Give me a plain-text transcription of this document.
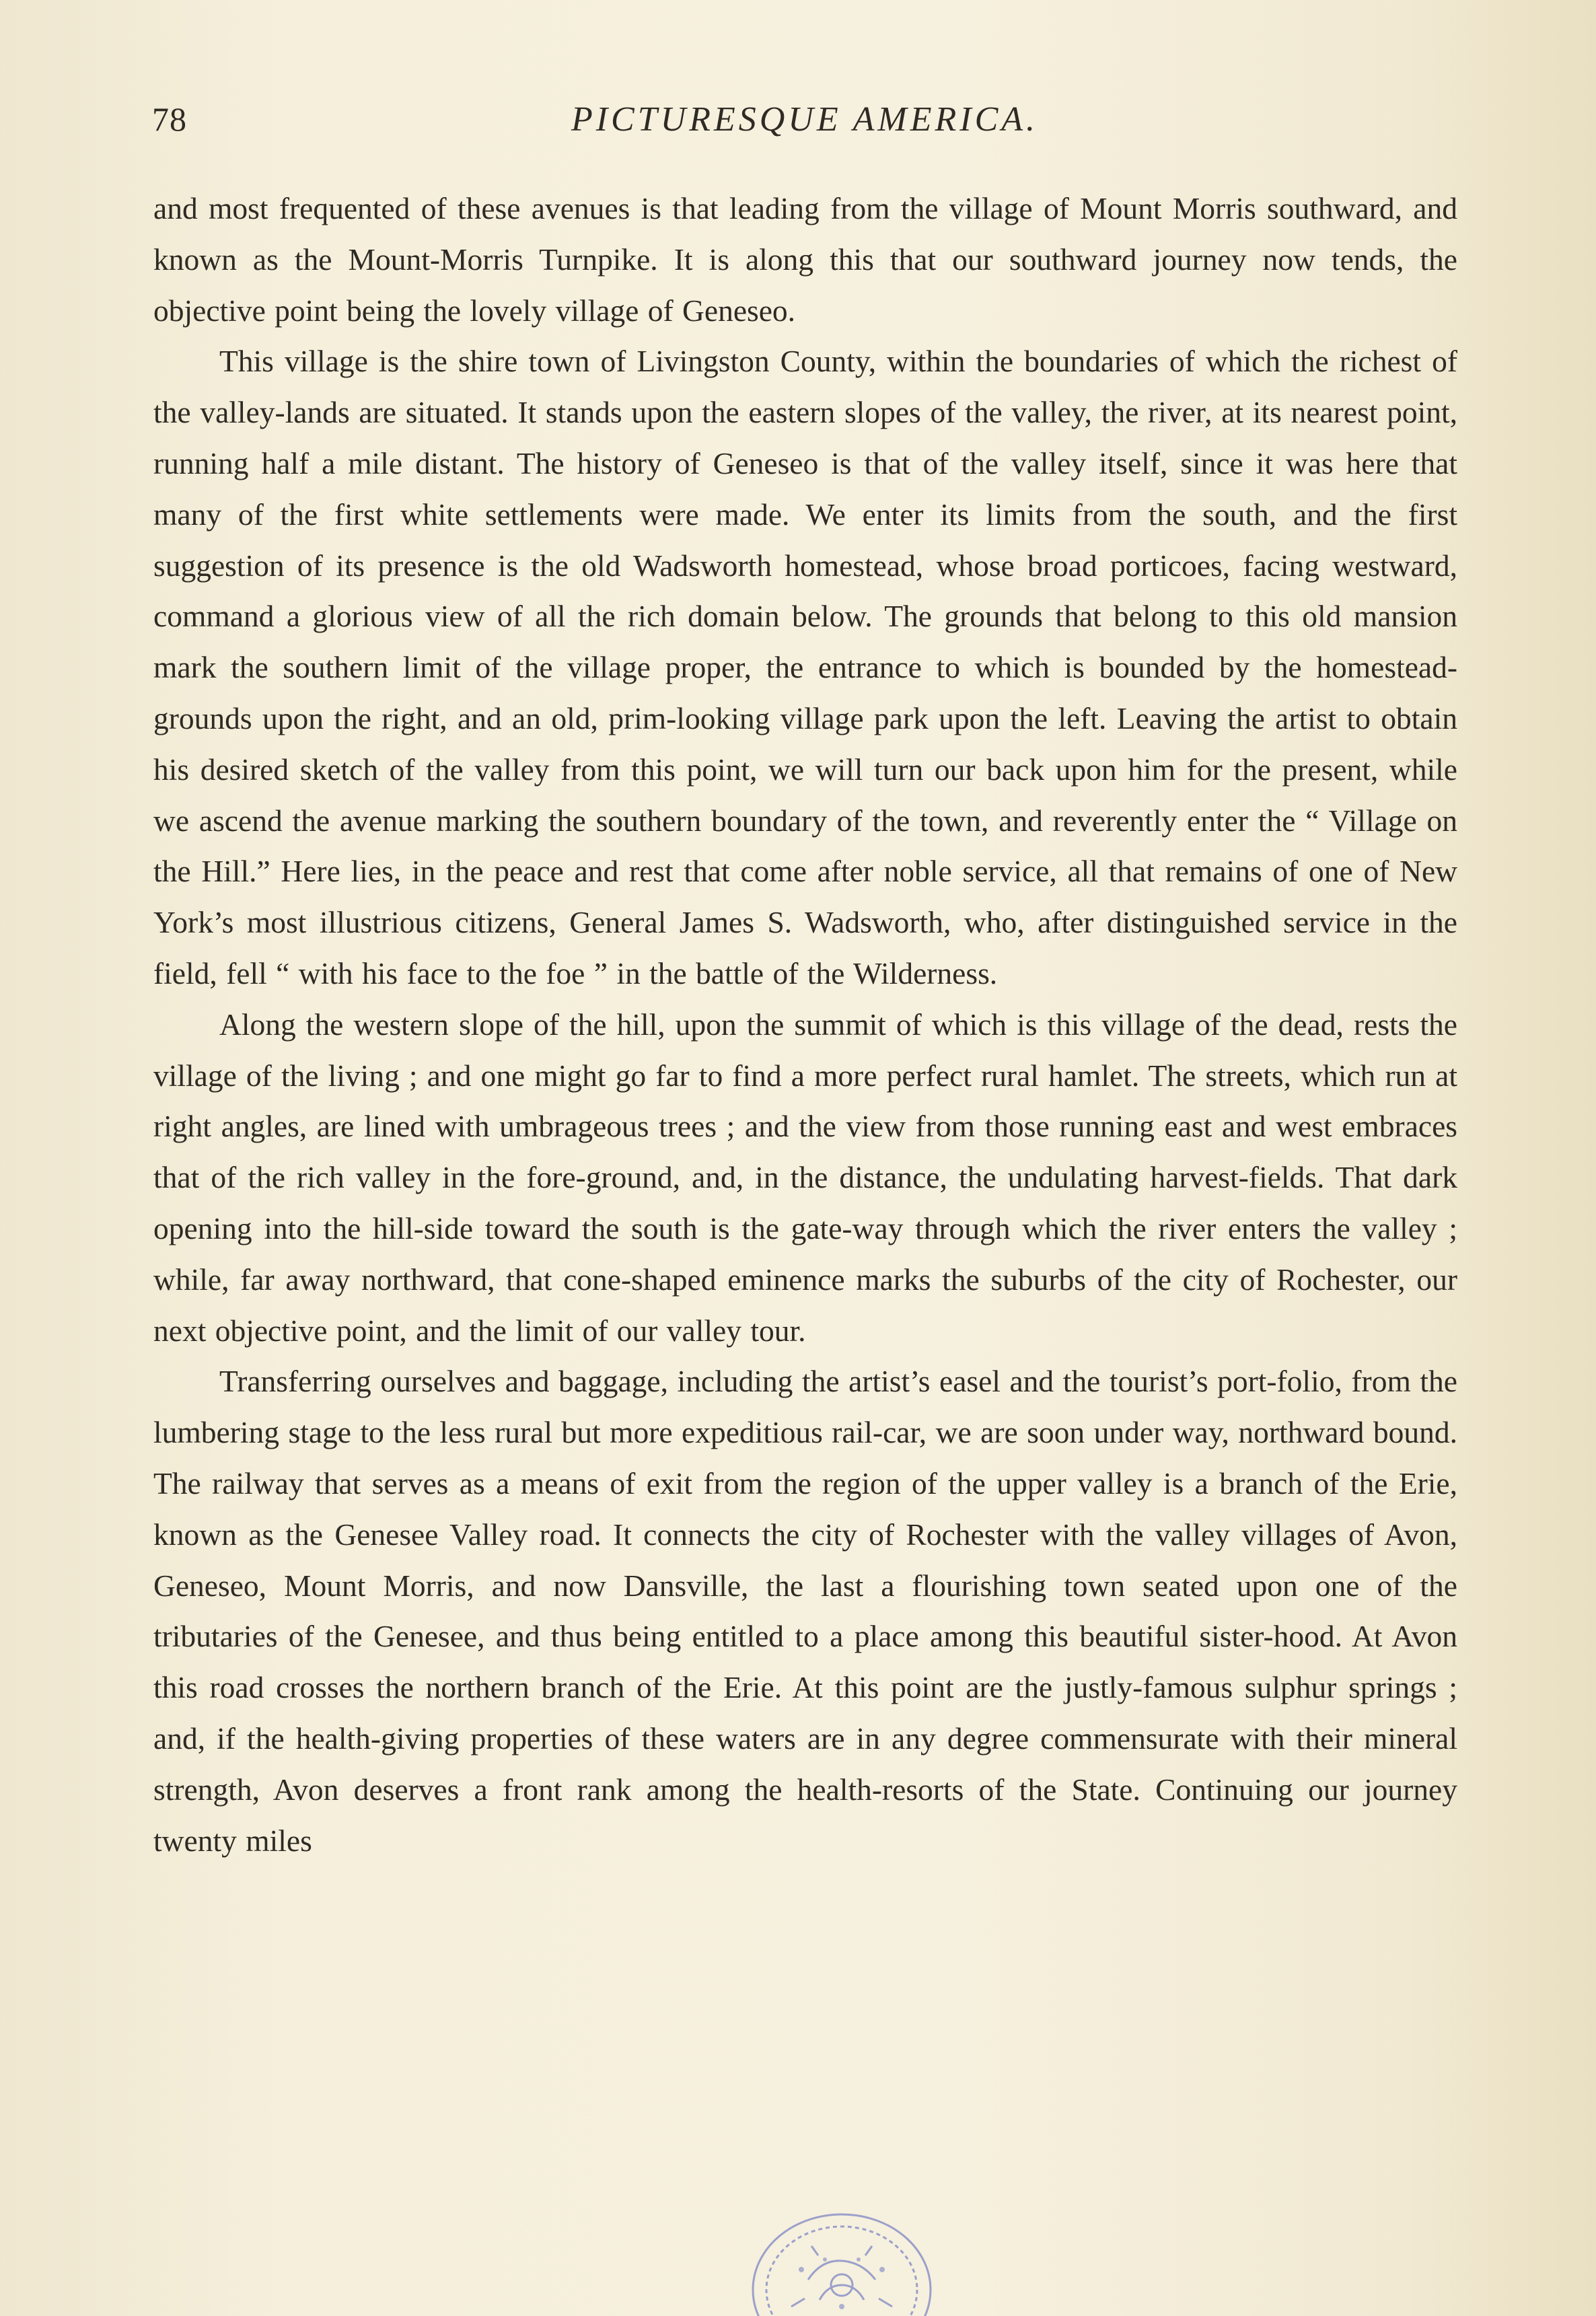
78	PICTURESQUE AMERICA.

and most frequented of these avenues is that leading from the village of Mount Morris southward, and known as the Mount-Morris Turnpike. It is along this that our southward journey now tends, the objective point being the lovely village of Geneseo.

This village is the shire town of Livingston County, within the boundaries of which the richest of the valley-lands are situated. It stands upon the eastern slopes of the valley, the river, at its nearest point, running half a mile distant. The history of Geneseo is that of the valley itself, since it was here that many of the first white settlements were made. We enter its limits from the south, and the first suggestion of its presence is the old Wadsworth homestead, whose broad porticoes, facing westward, command a glorious view of all the rich domain below. The grounds that belong to this old mansion mark the southern limit of the village proper, the entrance to which is bounded by the homestead-grounds upon the right, and an old, prim-looking village park upon the left. Leaving the artist to obtain his desired sketch of the valley from this point, we will turn our back upon him for the present, while we ascend the avenue marking the southern boundary of the town, and reverently enter the “ Village on the Hill.” Here lies, in the peace and rest that come after noble service, all that remains of one of New York’s most illustrious citizens, General James S. Wadsworth, who, after distinguished service in the field, fell “ with his face to the foe ” in the battle of the Wilderness.

Along the western slope of the hill, upon the summit of which is this village of the dead, rests the village of the living ; and one might go far to find a more perfect rural hamlet. The streets, which run at right angles, are lined with umbrageous trees ; and the view from those running east and west embraces that of the rich valley in the fore-ground, and, in the distance, the undulating harvest-fields. That dark opening into the hill-side toward the south is the gate-way through which the river enters the valley ; while, far away northward, that cone-shaped eminence marks the suburbs of the city of Rochester, our next objective point, and the limit of our valley tour.

Transferring ourselves and baggage, including the artist’s easel and the tourist’s port-folio, from the lumbering stage to the less rural but more expeditious rail-car, we are soon under way, northward bound. The railway that serves as a means of exit from the region of the upper valley is a branch of the Erie, known as the Genesee Valley road. It connects the city of Rochester with the valley villages of Avon, Geneseo, Mount Morris, and now Dansville, the last a flourishing town seated upon one of the tributaries of the Genesee, and thus being entitled to a place among this beautiful sister-hood. At Avon this road crosses the northern branch of the Erie. At this point are the justly-famous sulphur springs ; and, if the health-giving properties of these waters are in any degree commensurate with their mineral strength, Avon deserves a front rank among the health-resorts of the State. Continuing our journey twenty miles
